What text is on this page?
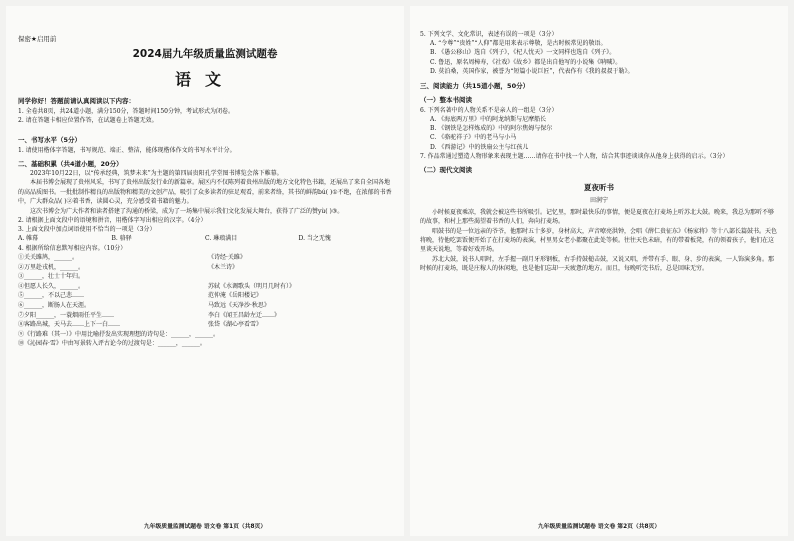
保密★启用前
2024届九年级质量监测试题卷
语文
同学你好！答题前请认真阅读以下内容：
1. 全卷共8页，共24道小题，满分150分，答题时间150分钟，考试形式为闭卷。
2. 请在答题卡相应位置作答，在试题卷上答题无效。
一、书写水平（5分）
1. 请使用楷体字答题，书写规范、端正、整洁，能体现楷体作文的书写水平计分。
二、基础积累（共4道小题，20分）
2023年10月22日，以“传承经典，筑梦未来”为主题的第四届贵阳孔学堂图书博览会落下帷幕。
本届书博会展现了贵州风采，书写了贵州出版发行业的新篇章。展区内不仅陈列着贵州出版的地方文化特色书籍，还展出了来自全国各地的高品质图书。一批批制作精良的出版物和精美的文创产品，吸引了众多读者的驻足观看，前来者络，其书的鲜韵bú( )①不绝，在浓郁的书香中，广大群众品( )②着书香，读圆心灵，充分感受着书籍的魅力。
这次书博会为广大作者和读者搭建了沟通的桥梁，成为了一场集中展示我们文化发展大舞台，获得了广泛的赞yù( )③。
2. 请根据上面文段中的语境和拼音，用楷体字写出相应的汉字。（4分）
3. 上面文段中加点词语使用不恰当的一项是（3分）
A. 帷幕	B. 骆驿	C. 琳琅满目	D. 当之无愧
4. 根据所给信息默写相应内容。（10分）
①关关雎鸠，______。	《诗经·关雎》
②万里赴戎机，______。	《木兰诗》
③______，壮士十年归。
④但愿人长久，______。	苏轼《水调歌头（明月几时有）》
⑤______，不以己悲……	范仲淹《岳阳楼记》
⑥______，断肠人在天涯。	马致远《天净沙·秋思》
⑦夕阳______，一蓑烟雨任平生……	李白《闻王昌龄左迁……》
⑧客路出城，天马去……上下一白……	张岱《湖心亭看雪》
⑨《行路难（其一）》中用比喻抒发出实现理想的诗句是：______，______。
⑩《沁园春·雪》中由写景转入评古论今的过渡句是：______，______。
九年级质量监测试题卷 语文卷 第1页（共8页）
5. 下列文学、文化常识，表述有误的一项是（3分）
A. “令尊”“贵姓”“人仰”都是用来表示尊敬，是古时候常见的敬语。
B. 《愚公移山》选自《列子》，《杞人忧天》一文同样也选自《列子》。
C. 鲁迅，原名周樟寿，《社戏》《故乡》都是出自他写的小说集《呐喊》。
D. 莫泊桑，英国作家，被誉为“短篇小说巨匠”，代表作有《我的叔叔于勒》。
三、阅读能力（共15道小题，50分）
（一）整本书阅读
6. 下列名著中的人物关系不是亲人的一组是（3分）
A. 《海底两万里》中的阿龙纳斯与尼摩船长
B. 《钢铁是怎样炼成的》中的阿尔焦姆与保尔
C. 《骆驼祥子》中的老马与小马
D. 《西游记》中的铁扇公主与红孩儿
7. 作品常通过塑造人物形象来表现主题……请你在书中找一个人物，结合其事迹谈谈你从他身上获得的启示。（3分）
（二）现代文阅读
夏夜听书
田润宁
小时候夏夜乘凉，我就会被这些书所吸引。记忆里，那时最快乐的事情，便是夏夜在打麦场上听苏北大鼓。晚来，我总为那听不够的故事，和村上那些渴望着书香的人们，奔向打麦场。
唱鼓书的是一位远亲的爷爷，他那时五十多岁，身材高大，声音嘹亮洪钟，会唱《薛仁贵征东》《杨家将》等十八部长篇鼓书。天色将晚，待他吃罢饭便开始了在打麦场的表演，村里男女老小都聚在此处等候。往往天色未暗，有的带着板凳，有的领着孩子，他们在这里谈天说地，等着好戏开场。
苏北大鼓，说书人唱时，左手握一副月牙形钢板，右手持鼓槌击鼓，又说又唱，并带有手、眼、身、步的表演，一人饰演多角。那时候的打麦场，既是庄稼人的休闲地，也是他们忘却一天疲惫的地方。而且，每晚听完书后，总是回味无穷。
九年级质量监测试题卷 语文卷 第2页（共8页）
